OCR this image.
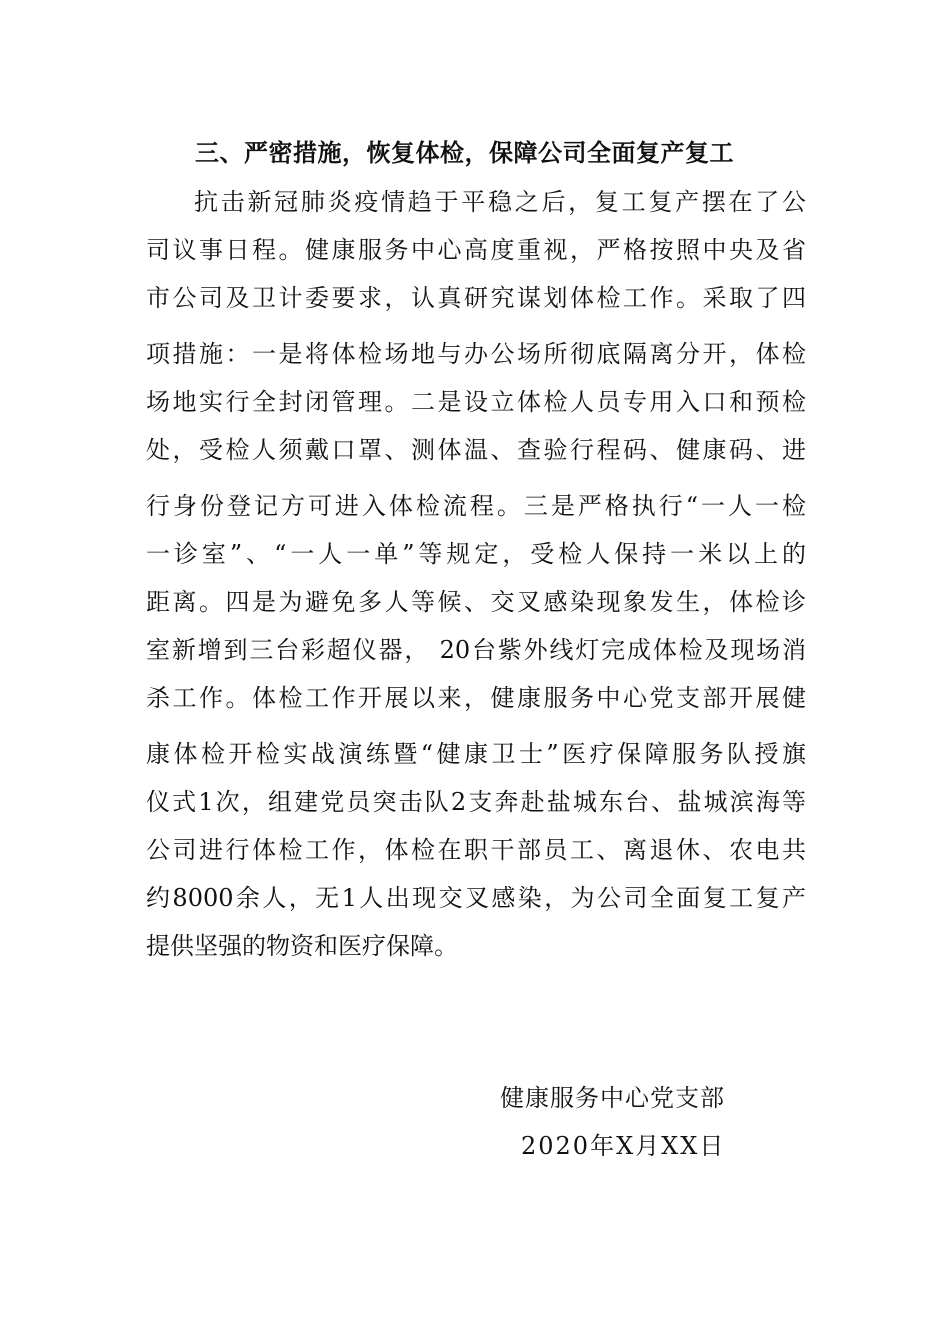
三、严密措施，恢复体检，保障公司全面复产复工
抗击新冠肺炎疫情趋于平稳之后，复工复产摆在了公
司议事日程。健康服务中心高度重视，严格按照中央及省
市公司及卫计委要求，认真研究谋划体检工作。采取了四
项措施：一是将体检场地与办公场所彻底隔离分开，体检
场地实行全封闭管理。二是设立体检人员专用入口和预检
处，受检人须戴口罩、测体温、查验行程码、健康码、进
行身份登记方可进入体检流程。三是严格执行“一人一检
一诊室”、“一人一单”等规定，受检人保持一米以上的
距离。四是为避免多人等候、交叉感染现象发生，体检诊
室新增到三台彩超仪器， 20台紫外线灯完成体检及现场消
杀工作。体检工作开展以来，健康服务中心党支部开展健
康体检开检实战演练暨“健康卫士”医疗保障服务队授旗
仪式1次，组建党员突击队2支奔赴盐城东台、盐城滨海等
公司进行体检工作，体检在职干部员工、离退休、农电共
约8000余人，无1人出现交叉感染，为公司全面复工复产
提供坚强的物资和医疗保障。
健康服务中心党支部
2020年X月XX日
